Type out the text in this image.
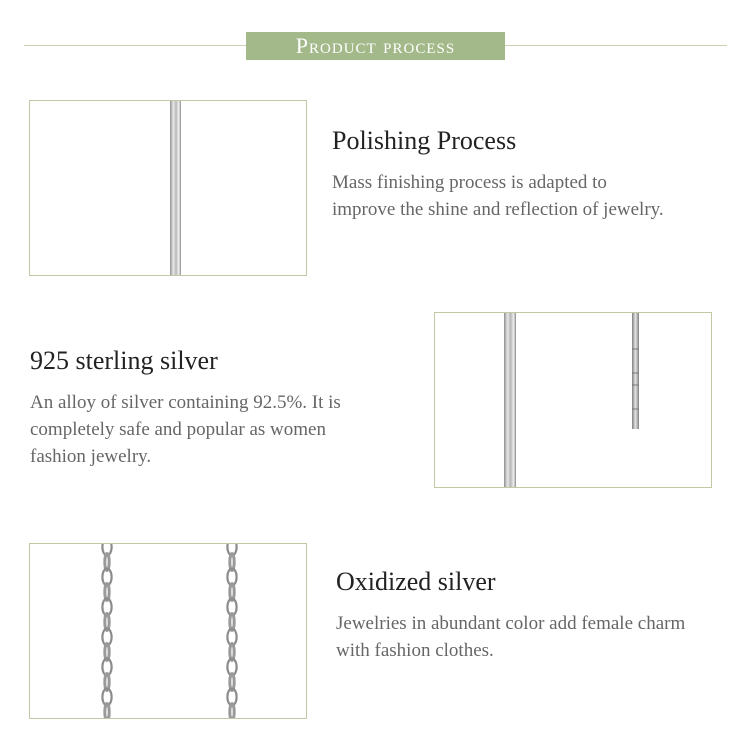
Product process
Polishing Process
Mass finishing process is adapted to improve the shine and reflection of jewelry.
925 sterling silver
An alloy of silver containing 92.5%. It is completely safe and popular as women fashion jewelry.
Oxidized silver
Jewelries in abundant color add female charm with fashion clothes.
